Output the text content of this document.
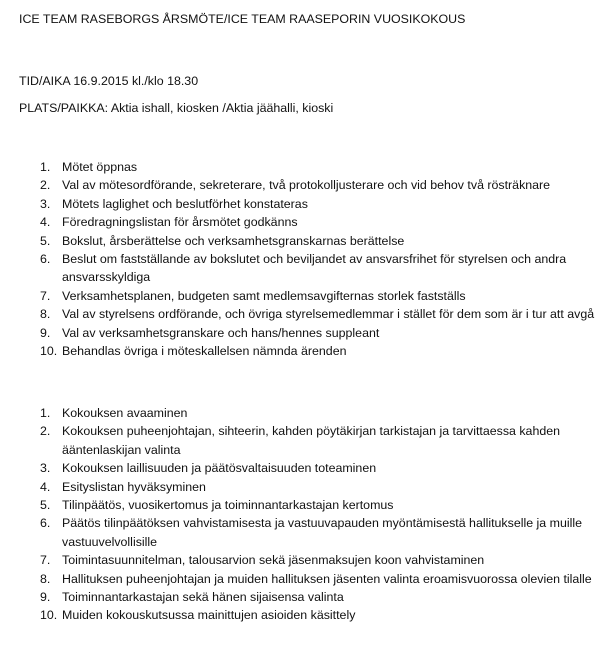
ICE TEAM RASEBORGS ÅRSMÖTE/ICE TEAM RAASEPORIN VUOSIKOKOUS
TID/AIKA 16.9.2015 kl./klo 18.30
PLATS/PAIKKA: Aktia ishall, kiosken /Aktia jäähalli, kioski
1. Mötet öppnas
2. Val av mötesordförande, sekreterare, två protokolljusterare och vid behov två rösträknare
3. Mötets laglighet och beslutförhet konstateras
4. Föredragningslistan för årsmötet godkänns
5. Bokslut, årsberättelse och verksamhetsgranskarnas berättelse
6. Beslut om fastställande av bokslutet och beviljandet av ansvarsfrihet för styrelsen och andra
ansvarsskyldiga
7. Verksamhetsplanen, budgeten samt medlemsavgifternas storlek fastställs
8. Val av styrelsens ordförande, och övriga styrelsemedlemmar i stället för dem som är i tur att avgå
9. Val av verksamhetsgranskare och hans/hennes suppleant
10. Behandlas övriga i möteskallelsen nämnda ärenden
1. Kokouksen avaaminen
2. Kokouksen puheenjohtajan, sihteerin, kahden pöytäkirjan tarkistajan ja tarvittaessa kahden
ääntenlaskijan valinta
3. Kokouksen laillisuuden ja päätösvaltaisuuden toteaminen
4. Esityslistan hyväksyminen
5. Tilinpäätös, vuosikertomus ja toiminnantarkastajan kertomus
6. Päätös tilinpäätöksen vahvistamisesta ja vastuuvapauden myöntämisestä hallitukselle ja muille
vastuuvelvollisille
7. Toimintasuunnitelman, talousarvion sekä jäsenmaksujen koon vahvistaminen
8. Hallituksen puheenjohtajan ja muiden hallituksen jäsenten valinta eroamisvuorossa olevien tilalle
9. Toiminnantarkastajan sekä hänen sijaisensa valinta
10. Muiden kokouskutsussa mainittujen asioiden käsittely
